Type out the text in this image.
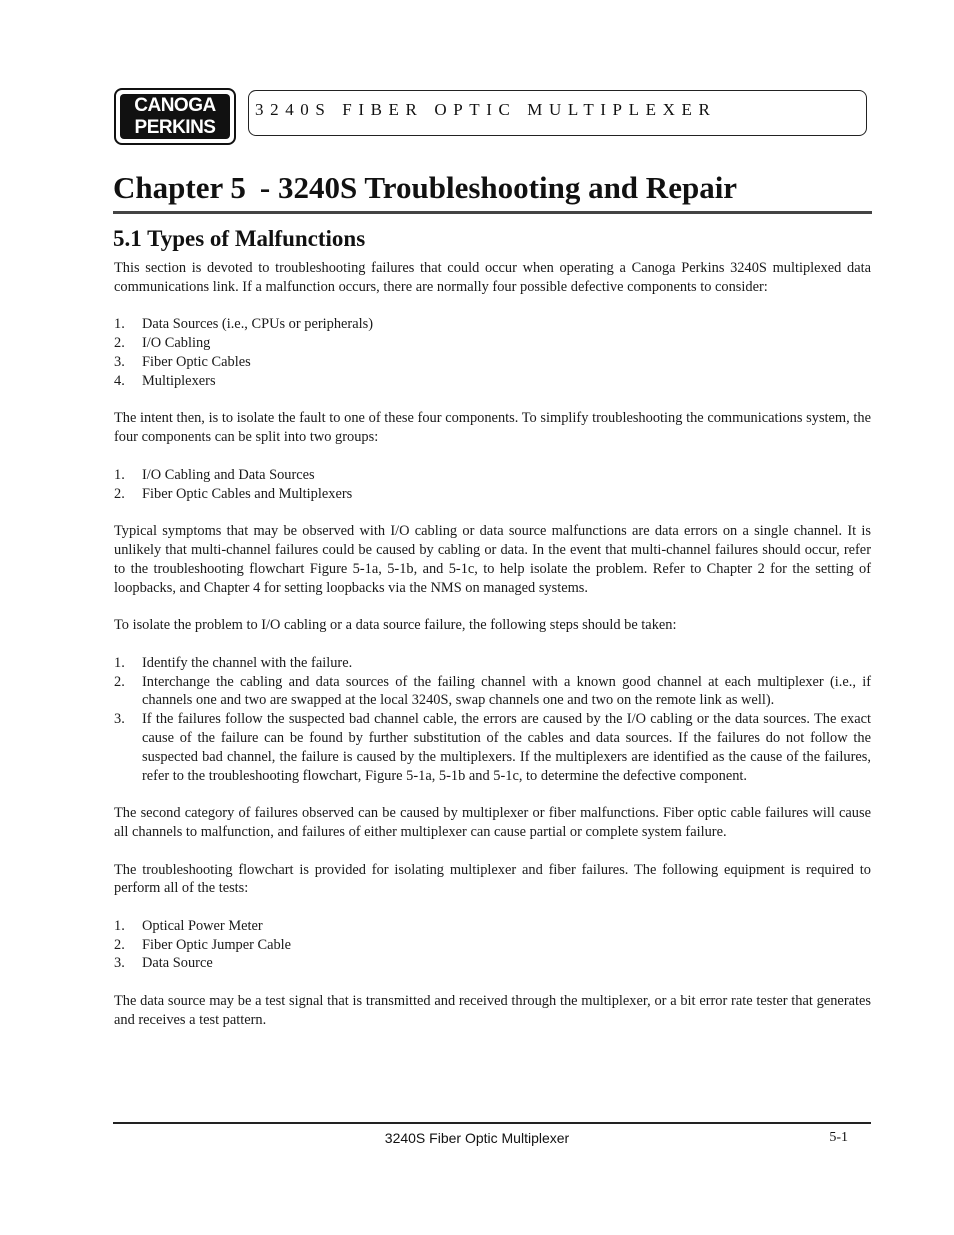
CANOGA
PERKINS
3240S FIBER OPTIC MULTIPLEXER
Chapter 5 - 3240S Troubleshooting and Repair
5.1 Types of Malfunctions

This section is devoted to troubleshooting failures that could occur when operating a Canoga Perkins 3240S multiplexed data communications link. If a malfunction occurs, there are normally four possible defective components to consider:

1. Data Sources (i.e., CPUs or peripherals)
2. I/O Cabling
3. Fiber Optic Cables
4. Multiplexers

The intent then, is to isolate the fault to one of these four components. To simplify troubleshooting the communications system, the four components can be split into two groups:

1. I/O Cabling and Data Sources
2. Fiber Optic Cables and Multiplexers

Typical symptoms that may be observed with I/O cabling or data source malfunctions are data errors on a single channel. It is unlikely that multi-channel failures could be caused by cabling or data. In the event that multi-channel failures should occur, refer to the troubleshooting flowchart Figure 5-1a, 5-1b, and 5-1c, to help isolate the problem. Refer to Chapter 2 for the setting of loopbacks, and Chapter 4 for setting loopbacks via the NMS on managed systems.

To isolate the problem to I/O cabling or a data source failure, the following steps should be taken:

1. Identify the channel with the failure.
2. Interchange the cabling and data sources of the failing channel with a known good channel at each multiplexer (i.e., if channels one and two are swapped at the local 3240S, swap channels one and two on the remote link as well).
3. If the failures follow the suspected bad channel cable, the errors are caused by the I/O cabling or the data sources. The exact cause of the failure can be found by further substitution of the cables and data sources. If the failures do not follow the suspected bad channel, the failure is caused by the multiplexers. If the multiplexers are identified as the cause of the failures, refer to the troubleshooting flowchart, Figure 5-1a, 5-1b and 5-1c, to determine the defective component.

The second category of failures observed can be caused by multiplexer or fiber malfunctions. Fiber optic cable failures will cause all channels to malfunction, and failures of either multiplexer can cause partial or complete system failure.

The troubleshooting flowchart is provided for isolating multiplexer and fiber failures. The following equipment is required to perform all of the tests:

1. Optical Power Meter
2. Fiber Optic Jumper Cable
3. Data Source

The data source may be a test signal that is transmitted and received through the multiplexer, or a bit error rate tester that generates and receives a test pattern.

3240S Fiber Optic Multiplexer	5-1
